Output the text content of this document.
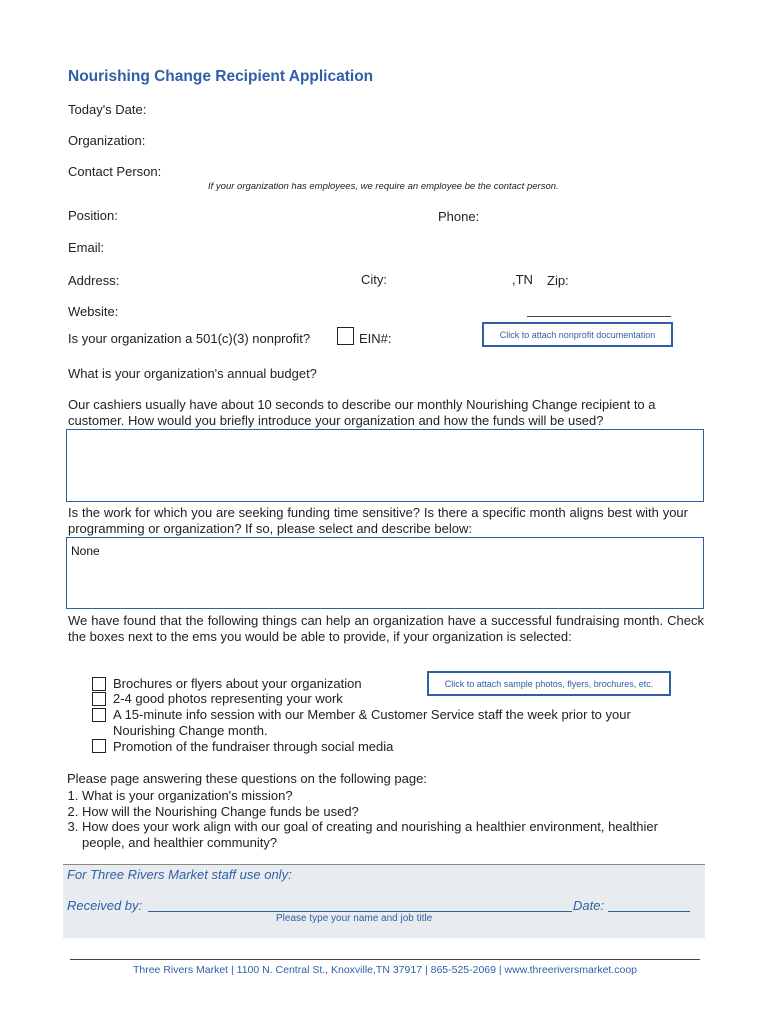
Nourishing Change Recipient Application
Today's Date:
Organization:
Contact Person:
If your organization has employees, we require an employee be the contact person.
Position:	Phone:
Email:
Address:	City:	,TN Zip:
Website:
Is your organization a 501(c)(3) nonprofit?	EIN#:	Click to attach nonprofit documentation
What is your organization's annual budget?
Our cashiers usually have about 10 seconds to describe our monthly Nourishing Change recipient to a customer. How would you briefly introduce your organization and how the funds will be used?
Is the work for which you are seeking funding time sensitive? Is there a specific month aligns best with your programming or organization? If so, please select and describe below:
None
We have found that the following things can help an organization have a successful fundraising month. Check the boxes next to the ems you would be able to provide, if your organization is selected:
Brochures or flyers about your organization	Click to attach sample photos, flyers, brochures, etc.
2-4 good photos representing your work
A 15-minute info session with our Member & Customer Service staff the week prior to your Nourishing Change month.
Promotion of the fundraiser through social media
Please page answering these questions on the following page:
1. What is your organization's mission?
2. How will the Nourishing Change funds be used?
3. How does your work align with our goal of creating and nourishing a healthier environment, healthier people, and healthier community?
For Three Rivers Market staff use only:
Received by:	Date:
Please type your name and job title
Three Rivers Market | 1100 N. Central St., Knoxville,TN 37917 | 865-525-2069 | www.threeriversmarket.coop
